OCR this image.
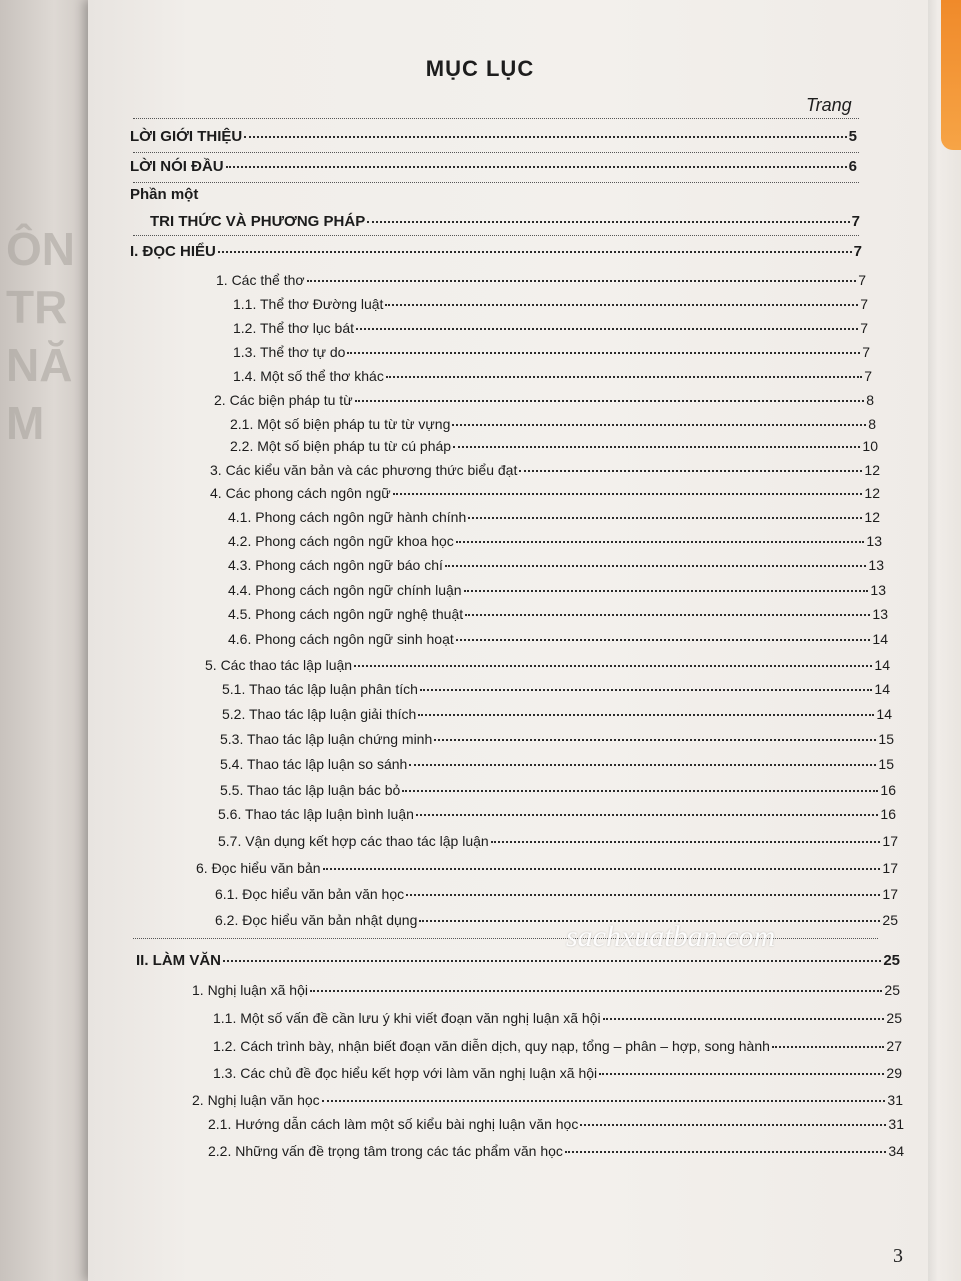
ÔN
TR
NĂ
M
MỤC LỤC
Trang
Phần một
LỜI GIỚI THIỆU	5
LỜI NÓI ĐẦU	6
TRI THỨC VÀ PHƯƠNG PHÁP	7
I. ĐỌC HIỂU	7
1. Các thể thơ	7
1.1. Thể thơ Đường luật	7
1.2. Thể thơ lục bát	7
1.3. Thể thơ tự do	7
1.4. Một số thể thơ khác	7
2. Các biện pháp tu từ	8
2.1. Một số biện pháp tu từ từ vựng	8
2.2. Một số biện pháp tu từ cú pháp	10
3. Các kiểu văn bản và các phương thức biểu đạt	12
4. Các phong cách ngôn ngữ	12
4.1. Phong cách ngôn ngữ hành chính	12
4.2. Phong cách ngôn ngữ khoa học	13
4.3. Phong cách ngôn ngữ báo chí	13
4.4. Phong cách ngôn ngữ chính luận	13
4.5. Phong cách ngôn ngữ nghệ thuật	13
4.6. Phong cách ngôn ngữ sinh hoạt	14
5. Các thao tác lập luận	14
5.1. Thao tác lập luận phân tích	14
5.2. Thao tác lập luận giải thích	14
5.3. Thao tác lập luận chứng minh	15
5.4. Thao tác lập luận so sánh	15
5.5. Thao tác lập luận bác bỏ	16
5.6. Thao tác lập luận bình luận	16
5.7. Vận dụng kết hợp các thao tác lập luận	17
6. Đọc hiểu văn bản	17
6.1. Đọc hiểu văn bản văn học	17
6.2. Đọc hiểu văn bản nhật dụng	25
II. LÀM VĂN	25
1. Nghị luận xã hội	25
1.1. Một số vấn đề cần lưu ý khi viết đoạn văn nghị luận xã hội	25
1.2. Cách trình bày, nhận biết đoạn văn diễn dịch, quy nạp, tổng – phân – hợp, song hành	27
1.3. Các chủ đề đọc hiểu kết hợp với làm văn nghị luận xã hội	29
2. Nghị luận văn học	31
2.1. Hướng dẫn cách làm một số kiểu bài nghị luận văn học	31
2.2. Những vấn đề trọng tâm trong các tác phẩm văn học	34
sachxuatban.com
3
